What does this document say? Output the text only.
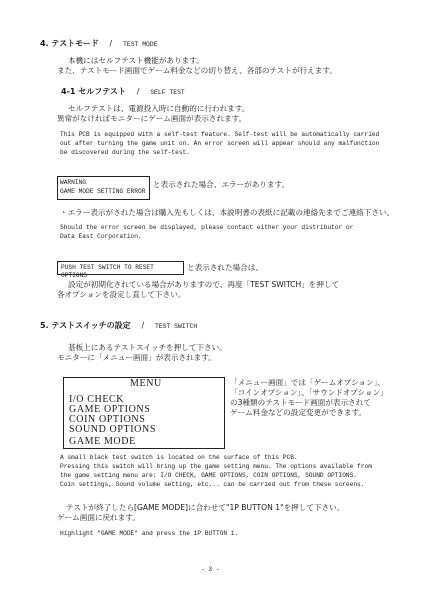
4. テストモード / TEST MODE
本機にはセルフテスト機能があります。
また、テストモード画面でゲーム料金などの切り替え、各部のテストが行えます。
4-1 セルフテスト / SELF TEST
セルフテストは、電源投入時に自動的に行われます。
異常がなければモニターにゲーム画面が表示されます。
This PCB is equipped with a self-test feature. Self-test will be automatically carried
out after turning the game unit on. An error screen will appear should any malfunction
be discovered during the self-test.
WARNING
GAME MODE SETTING ERROR
と表示された場合、エラーがあります。
・エラー表示がされた場合は購入先もしくは、本説明書の表紙に記載の連絡先までご連絡下さい。
Should the error screen be displayed, please contact either your distributor or
Data East Corporation.
PUSH TEST SWITCH TO RESET OPTIONS
と表示された場合は、
設定が初期化されている場合がありますので、再度「TEST SWITCH」を押して
各オプションを設定し直して下さい。
5. テストスイッチの設定 / TEST SWITCH
基板上にあるテストスイッチを押して下さい。
モニターに「メニュー画面」が表示されます。
MENU
I/O CHECK
GAME OPTIONS
COIN OPTIONS
SOUND OPTIONS
GAME MODE
「メニュー画面」では「ゲームオプション」、
「コインオプション」、「サウンドオプション」
の3種類のテストモード画面が表示されて
ゲーム料金などの設定変更ができます。
A small black test switch is located on the surface of this PCB.
Pressing this switch will bring up the game setting menu. The options available from
the game setting menu are: I/O CHECK, GAME OPTIONS, COIN OPTIONS, SOUND OPTIONS.
Coin settings, Sound volume setting, etc... can be carried out from these screens.
テストが終了したら[GAME MODE]に合わせて"1P BUTTON 1"を押して下さい。
ゲーム画面に戻れます。
Highlight "GAME MODE" and press the 1P BUTTON 1.
- 3 -
